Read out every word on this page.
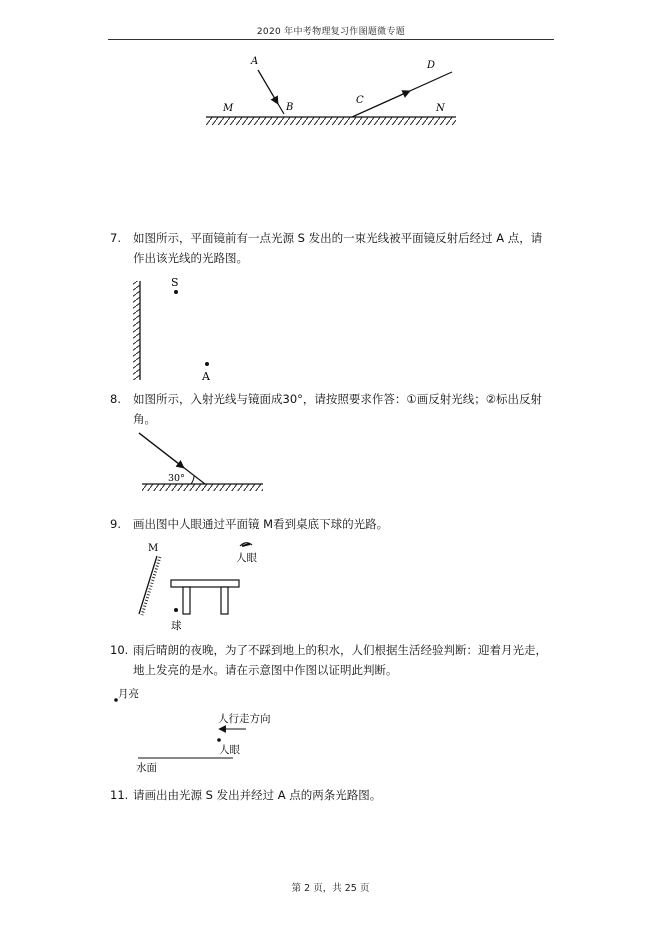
2020 年中考物理复习作图题微专题
A
B
C
D
M	N
7. 如图所示，平面镜前有一点光源 S 发出的一束光线被平面镜反射后经过 A 点，请
作出该光线的光路图。
S
A
8. 如图所示，入射光线与镜面成30°，请按照要求作答：①画反射光线；②标出反射
角。
30°
9. 画出图中人眼通过平面镜 M看到桌底下球的光路。
M
人眼
球
10. 雨后晴朗的夜晚，为了不踩到地上的积水，人们根据生活经验判断：迎着月光走，
地上发亮的是水。请在示意图中作图以证明此判断。
月亮
人行走方向
人眼
水面
11. 请画出由光源 S 发出并经过 A 点的两条光路图。
第 2 页，共 25 页
